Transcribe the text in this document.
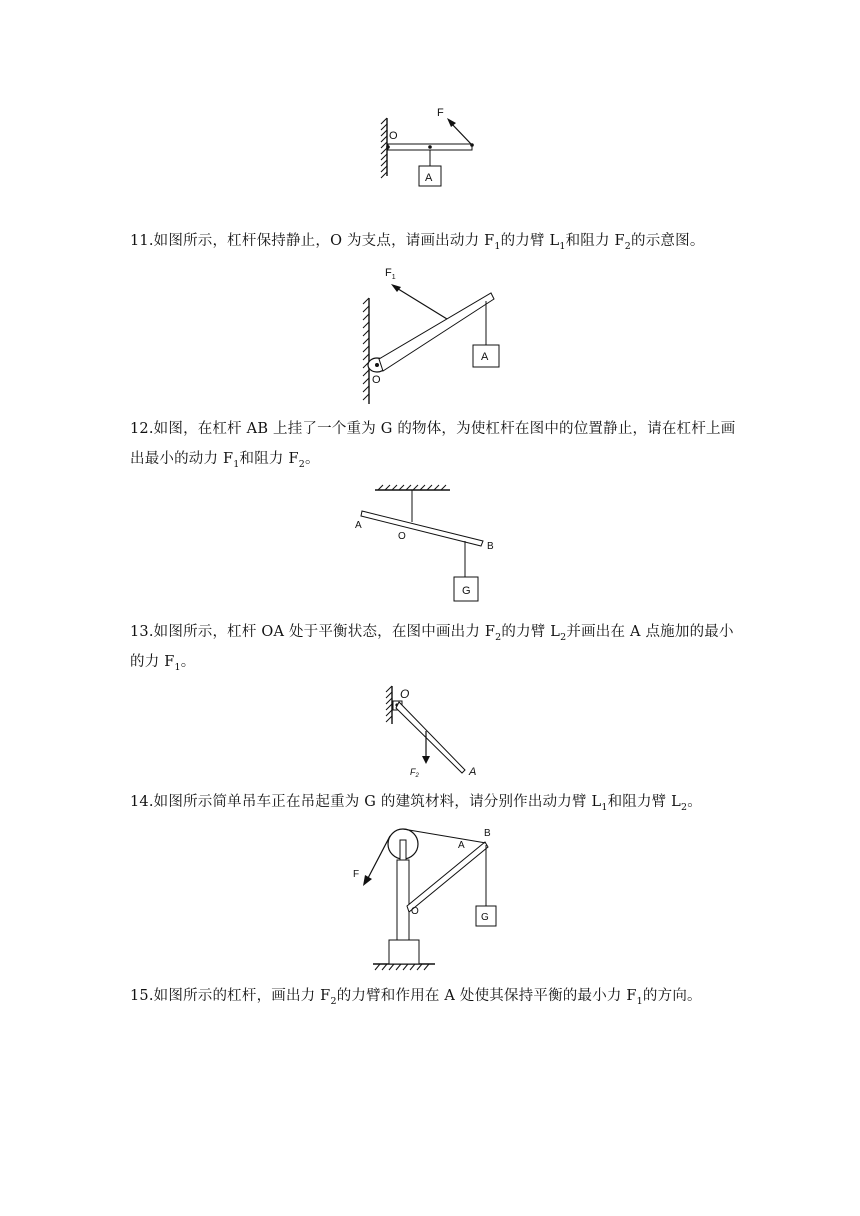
O
F
A
11.如图所示，杠杆保持静止，O 为支点，请画出动力 $F_1$的力臂 $L_1$和阻力 $F_2$的示意图。
$F_1$
O
A
12.如图，在杠杆 AB 上挂了一个重为 G 的物体，为使杠杆在图中的位置静止，请在杠杆上画
出最小的动力 $F_1$和阻力 $F_2$。
A
O
B
G
13.如图所示，杠杆 OA 处于平衡状态，在图中画出力 $F_2$的力臂 $L_2$并画出在 A 点施加的最小
的力 $F_1$。
O
$F_2$	A
14.如图所示简单吊车正在吊起重为 G 的建筑材料，请分别作出动力臂 $L_1$和阻力臂 $L_2$。
B
A
F
O
G
15.如图所示的杠杆，画出力 $F_2$的力臂和作用在 A 处使其保持平衡的最小力 $F_1$的方向。
